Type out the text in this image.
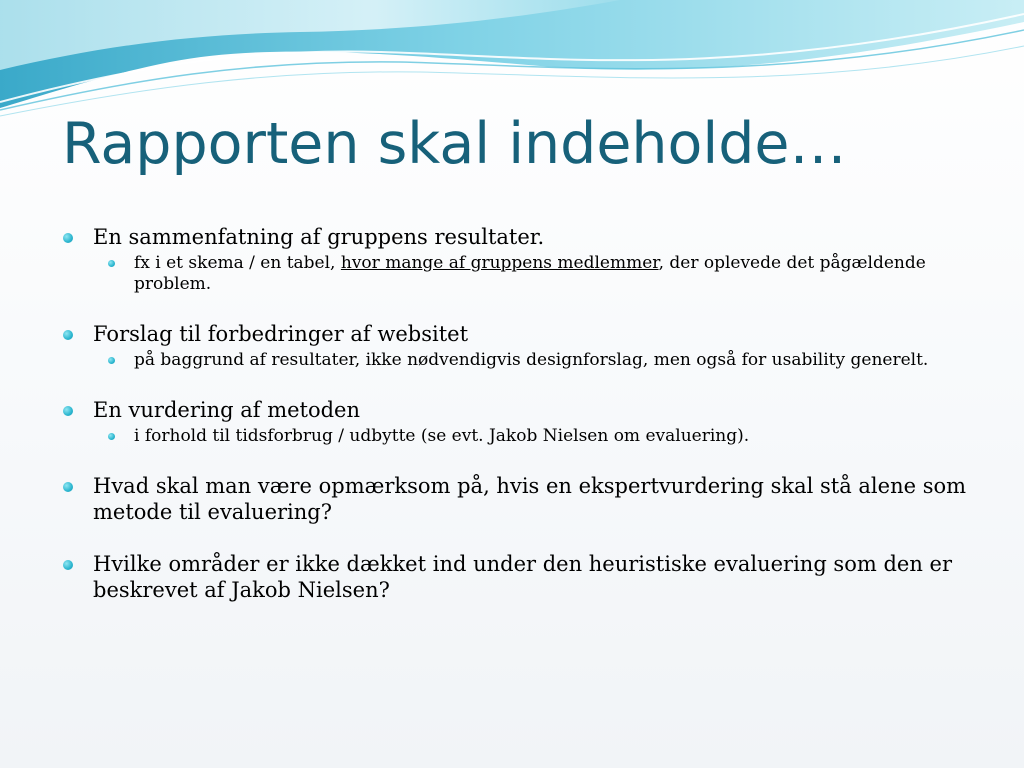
Rapporten skal indeholde…
En sammenfatning af gruppens resultater.
fx i et skema / en tabel, hvor mange af gruppens medlemmer, der oplevede det pågældende problem.
Forslag til forbedringer af websitet
på baggrund af resultater, ikke nødvendigvis designforslag, men også for usability generelt.
En vurdering af metoden
i forhold til tidsforbrug / udbytte (se evt. Jakob Nielsen om evaluering).
Hvad skal man være opmærksom på, hvis en ekspertvurdering skal stå alene som metode til evaluering?
Hvilke områder er ikke dækket ind under den heuristiske evaluering som den er beskrevet af Jakob Nielsen?
